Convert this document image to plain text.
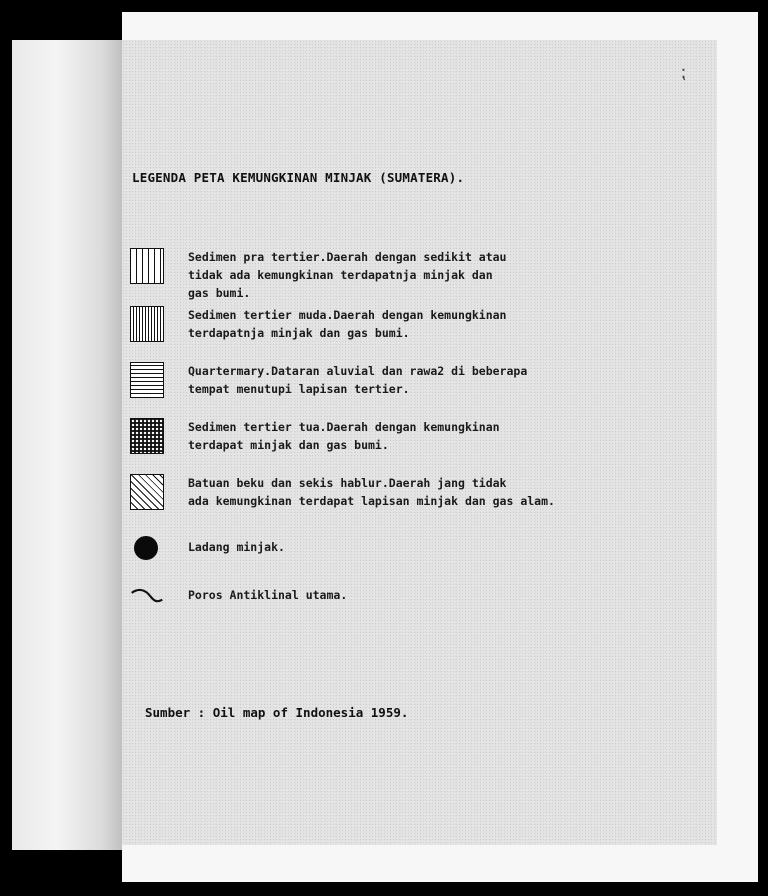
⁏
LEGENDA PETA KEMUNGKINAN MINJAK (SUMATERA).
Sedimen pra tertier.Daerah dengan sedikit atau
tidak ada kemungkinan terdapatnja minjak dan
gas bumi.
Sedimen tertier muda.Daerah dengan kemungkinan
terdapatnja minjak dan gas bumi.
Quartermary.Dataran aluvial dan rawa2 di beberapa
tempat menutupi lapisan tertier.
Sedimen tertier tua.Daerah dengan kemungkinan
terdapat minjak dan gas bumi.
Batuan beku dan sekis hablur.Daerah jang tidak
ada kemungkinan terdapat lapisan minjak dan gas alam.
Ladang minjak.
Poros Antiklinal utama.
Sumber : Oil map of Indonesia 1959.
